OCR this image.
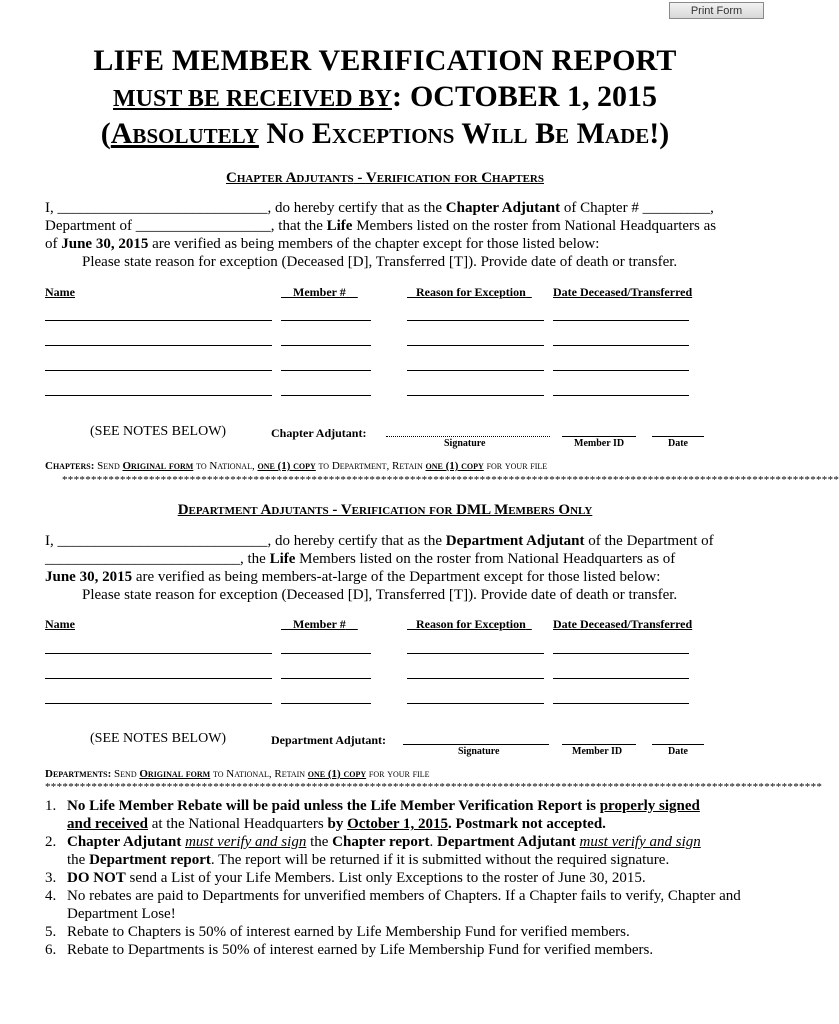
Print Form
LIFE MEMBER VERIFICATION REPORT
MUST BE RECEIVED BY: OCTOBER 1, 2015
(Absolutely No Exceptions Will Be Made!)
Chapter Adjutants - Verification for Chapters
I, ____________________________, do hereby certify that as the Chapter Adjutant of Chapter # _________,
Department of __________________, that the Life Members listed on the roster from National Headquarters as
of June 30, 2015 are verified as being members of the chapter except for those listed below:
Please state reason for exception (Deceased [D], Transferred [T]). Provide date of death or transfer.
Name	Member #	Reason for Exception	Date Deceased/Transferred
(SEE NOTES BELOW)	Chapter Adjutant:
Signature	Member ID	Date
Chapters: Send Original form to National, one (1) copy to Department, Retain one (1) copy for your file
**************************************************************************************************************************************
Department Adjutants - Verification for DML Members Only
I, ____________________________, do hereby certify that as the Department Adjutant of the Department of
__________________________, the Life Members listed on the roster from National Headquarters as of
June 30, 2015 are verified as being members-at-large of the Department except for those listed below:
Please state reason for exception (Deceased [D], Transferred [T]). Provide date of death or transfer.
Name	Member #	Reason for Exception	Date Deceased/Transferred
(SEE NOTES BELOW)	Department Adjutant:
Signature	Member ID	Date
Departments: Send Original form to National, Retain one (1) copy for your file
**************************************************************************************************************************************
1. No Life Member Rebate will be paid unless the Life Member Verification Report is properly signed
and received at the National Headquarters by October 1, 2015. Postmark not accepted.
2. Chapter Adjutant must verify and sign the Chapter report. Department Adjutant must verify and sign
the Department report. The report will be returned if it is submitted without the required signature.
3. DO NOT send a List of your Life Members. List only Exceptions to the roster of June 30, 2015.
4. No rebates are paid to Departments for unverified members of Chapters. If a Chapter fails to verify, Chapter and Department Lose!
5. Rebate to Chapters is 50% of interest earned by Life Membership Fund for verified members.
6. Rebate to Departments is 50% of interest earned by Life Membership Fund for verified members.
